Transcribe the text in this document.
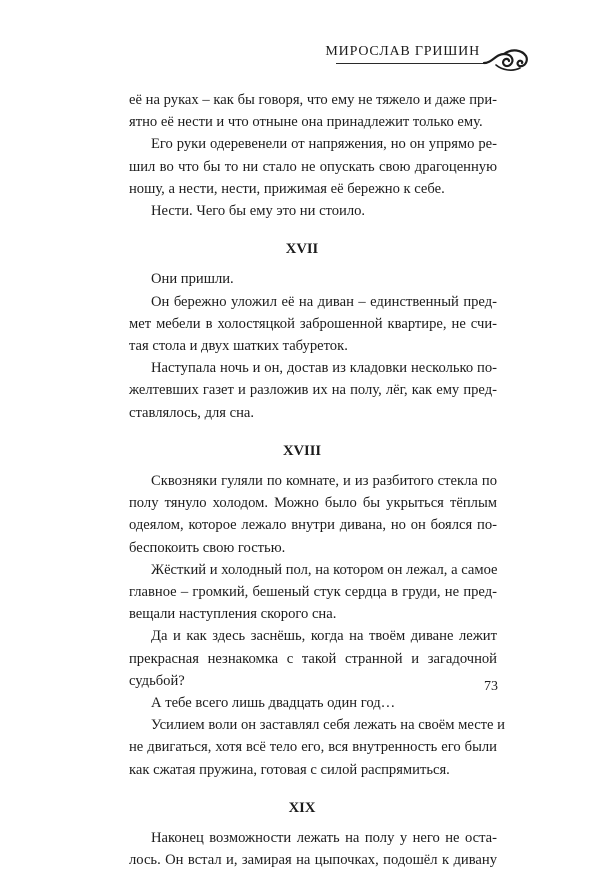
МИРОСЛАВ ГРИШИН

её на руках – как бы говоря, что ему не тяжело и даже при-
ятно её нести и что отныне она принадлежит только ему.

Его руки одеревенели от напряжения, но он упрямо ре-
шил во что бы то ни стало не опускать свою драгоценную
ношу, а нести, нести, прижимая её бережно к себе.

Нести. Чего бы ему это ни стоило.

XVII

Они пришли.

Он бережно уложил её на диван – единственный пред-
мет мебели в холостяцкой заброшенной квартире, не счи-
тая стола и двух шатких табуреток.

Наступала ночь и он, достав из кладовки несколько по-
желтевших газет и разложив их на полу, лёг, как ему пред-
ставлялось, для сна.

XVIII

Сквозняки гуляли по комнате, и из разбитого стекла по
полу тянуло холодом. Можно было бы укрыться тёплым
одеялом, которое лежало внутри дивана, но он боялся по-
беспокоить свою гостью.

Жёсткий и холодный пол, на котором он лежал, а самое
главное – громкий, бешеный стук сердца в груди, не пред-
вещали наступления скорого сна.

Да и как здесь заснёшь, когда на твоём диване лежит
прекрасная незнакомка с такой странной и загадочной
судьбой?

А тебе всего лишь двадцать один год…

Усилием воли он заставлял себя лежать на своём месте и
не двигаться, хотя всё тело его, вся внутренность его были
как сжатая пружина, готовая с силой распрямиться.

XIX

Наконец возможности лежать на полу у него не оста-
лось. Он встал и, замирая на цыпочках, подошёл к дивану

73
